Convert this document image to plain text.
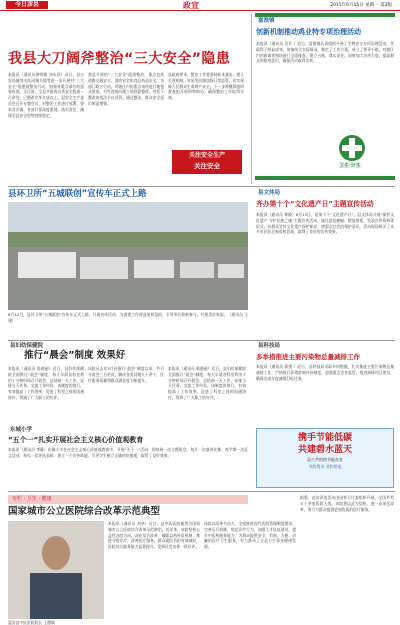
今日彦县	政宣	2015年6月15日 星期一 第3版
我县大刀阔斧整治“三大安全”隐患
本报讯（通讯员黄明敏 刘永祥）近日，县公安局城郊支队同城关镇等进一步开展对“三大安全”隐患的整治行动，加强对重点部位的巡查检查。至目前，全县共排查各类安全隐患一百余处，已整改完毕九成以上。县安全生产委员会召开专题会议，对整治工作进行部署，要求各乡镇、各部门要高度重视，落实责任，确保全县安全形势持续稳定。
我县开展的“三大安全”隐患整治，重点包括道路交通安全、消防安全和食品药品安全。各部门联合行动，对辖区内的重点场所进行地毯式排查，对发现的问题立即督促整改，对拒不整改的依法予以处罚。通过整治，群众安全意识明显增强。
县政府要求，整治工作要坚持标本兼治，建立长效机制，对易发问题加强日常监管，切实保障人民群众生命财产安全。下一步将继续组织督查组开展明察暗访，确保整治工作取得实效。
关注安全生产
关注安全
富淮镇
创新机制推动鸡业特专项治理活动
本报讯（通讯员 吴芳 ）近日，富淮镇认真组织开展了生物安全专项治理活动，并取得了明显成效。该镇结合实际情况，制定了工作方案，成立了领导小组，对辖区内的畜禽养殖场进行全面排查，建立台账，落实责任。同时加大宣传力度，提高群众的防疫意识，确保活动取得实效。
卫生·计生
县环卫所“五城联创”宣传车正式上路
6月12日，县环卫所“五城联创”宣传车正式上路，开展宣传活动，为创建工作营造浓厚氛围，引导市民积极参与，共建美好家园。（通讯员 王建）
县文体局
齐办第十个“文化遗产日”主题宣传活动
本报讯（通讯员 林晓）6月13日，是第十个“文化遗产日”。县文体局开展“保护文化遗产 守护民族之魂”主题宣传活动，通过悬挂横幅、摆放展板、发放宣传资料等形式，向群众宣传文化遗产保护知识，增强全社会的保护意识。活动现场吸引了众多市民驻足观看和咨询，取得了良好的宣传效果。
县妇幼保健院
推行“晨会”制度 效果好
本报讯（通讯员 陈晓丽）近日，县妇幼保健院全面推行“晨会”制度，每天早晨各科室利用十分钟时间召开晨会，总结前一天工作，安排当天任务，交流工作经验。该制度的推行，有效提高了工作效率，促进了科室之间的沟通协作，得到了广大职工的好评。
该院从去年3月份推行“晨会”制度以来，共召开晨会三百余次，解决各类问题九十余个，医疗服务质量和群众满意度不断提升。
本报讯（通讯员 陈晓丽）近日，县妇幼保健院全面推行“晨会”制度，每天早晨各科室利用十分钟时间召开晨会，总结前一天工作，安排当天任务，交流工作经验。该制度的推行，有效提高了工作效率，促进了科室之间的沟通协作，得到了广大职工的好评。
东城小学
“五个一”扎实开展社会主义核心价值观教育
本报讯（通讯员 李静）东城小学在社会主义核心价值观教育中，开展“五个一”活动：即每周一次主题班会、每月一次演讲比赛、每学期一次征文活动、每年一次评选表彰、建立一个宣传阵地，引导学生树立正确的价值观，取得了良好效果。
县科技局
多举措推进主要污染物总量减排工作
本报讯（通讯员 蒋建 ）近日，县科技局采取多项措施，扎实推进主要污染物总量减排工作。严格执行环境影响评价制度，加强重点企业监管，推进减排项目建设，确保完成年度减排目标任务。
携手节能低碳
共建碧水蓝天
县公共机构节能办宣
节约用水 节约用电
专栏 · 卫生 · 健康
国家城市公立医院综合改革示范典型
蓝田县中医医院院长 王德顺
本报讯（通讯员 刘华）近日，县中医医院被列为国家城市公立医院综合改革示范典型。近年来，该院坚持公益性办院方向，深化综合改革，破除以药补医机制，推进分级诊疗，改善医疗服务，群众就医负担有效减轻，医院综合服务能力显著提升，受到社会各界一致好评。
该院以改革为动力，全面推进现代医院管理制度建设，完善运行机制，规范诊疗行为，加强人才队伍建设，提升中医药服务能力，为群众提供安全、有效、方便、价廉的医疗卫生服务，有力推动了全县卫生事业健康发展。
据悉，此次评选活动由国家卫计委组织开展，全国共有五十余家医院入选。该院将以此为契机，进一步深化改革，努力为群众提供更加优质的医疗服务。
